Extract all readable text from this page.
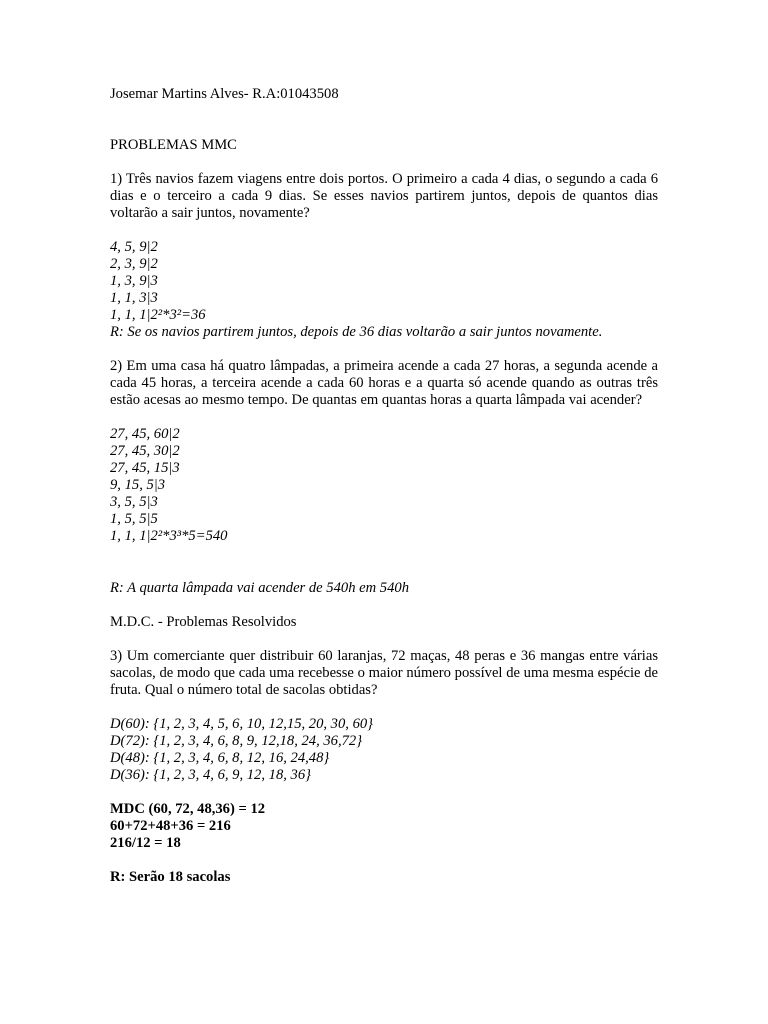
Josemar Martins Alves- R.A:01043508
PROBLEMAS MMC
1) Três navios fazem viagens entre dois portos. O primeiro a cada 4 dias, o segundo a cada 6 dias e o terceiro a cada 9 dias. Se esses navios partirem juntos, depois de quantos dias voltarão a sair juntos, novamente?
4, 5, 9|2
2, 3, 9|2
1, 3, 9|3
1, 1, 3|3
1, 1, 1|2²*3²=36
R: Se os navios partirem juntos, depois de 36 dias voltarão a sair juntos novamente.
2) Em uma casa há quatro lâmpadas, a primeira acende a cada 27 horas, a segunda acende a cada 45 horas, a terceira acende a cada 60 horas e a quarta só acende quando as outras três estão acesas ao mesmo tempo. De quantas em quantas horas a quarta lâmpada vai acender?
27, 45, 60|2
27, 45, 30|2
27, 45, 15|3
9, 15, 5|3
3, 5, 5|3
1, 5, 5|5
1, 1, 1|2²*3³*5=540
R: A quarta lâmpada vai acender de 540h em 540h
M.D.C. - Problemas Resolvidos
3) Um comerciante quer distribuir 60 laranjas, 72 maças, 48 peras e 36 mangas entre várias sacolas, de modo que cada uma recebesse o maior número possível de uma mesma espécie de fruta. Qual o número total de sacolas obtidas?
D(60): {1, 2, 3, 4, 5, 6, 10, 12,15, 20, 30, 60}
D(72): {1, 2, 3, 4, 6, 8, 9, 12,18, 24, 36,72}
D(48): {1, 2, 3, 4, 6, 8, 12, 16, 24,48}
D(36): {1, 2, 3, 4, 6, 9, 12, 18, 36}
MDC (60, 72, 48,36) = 12
60+72+48+36 = 216
216/12 = 18
R: Serão 18 sacolas
